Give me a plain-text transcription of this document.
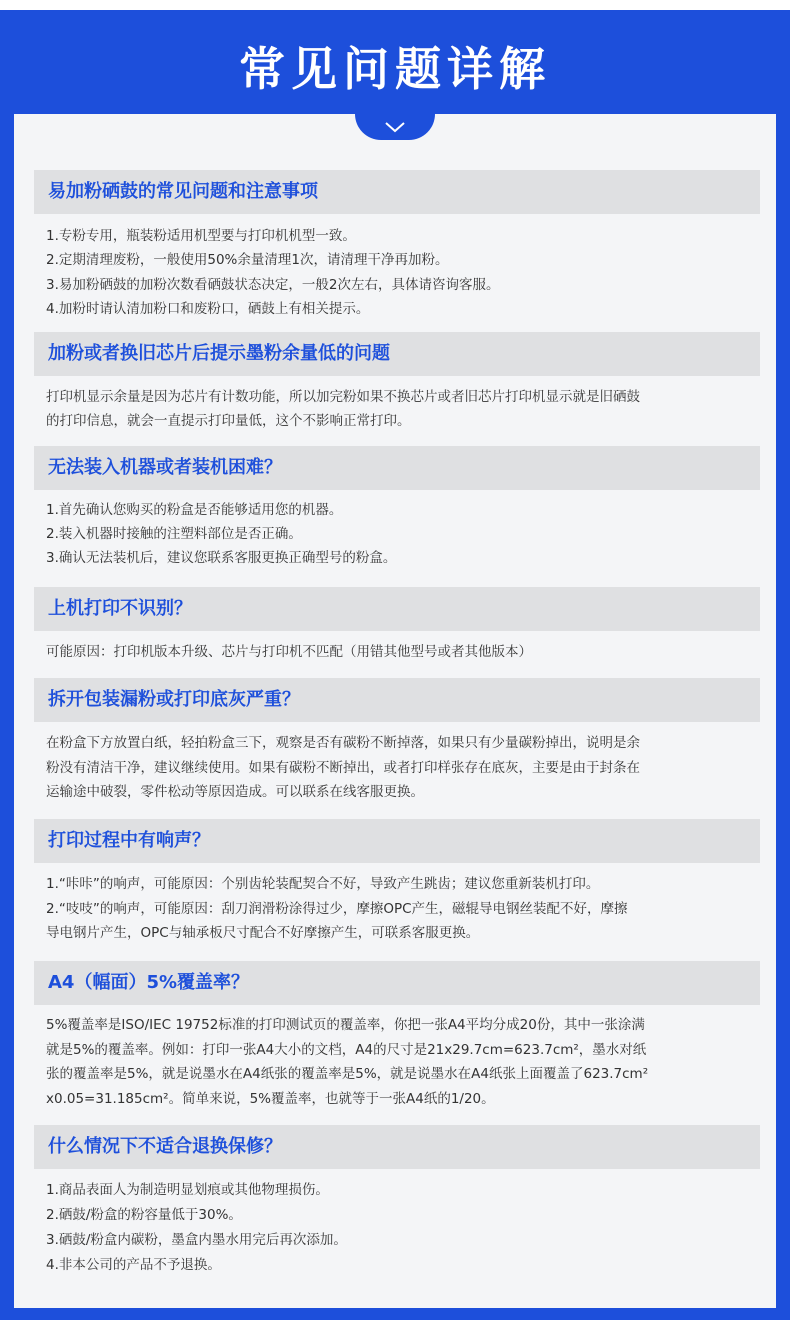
常见问题详解
易加粉硒鼓的常见问题和注意事项
1.专粉专用，瓶装粉适用机型要与打印机机型一致。
2.定期清理废粉，一般使用50%余量清理1次，请清理干净再加粉。
3.易加粉硒鼓的加粉次数看硒鼓状态决定，一般2次左右，具体请咨询客服。
4.加粉时请认清加粉口和废粉口，硒鼓上有相关提示。
加粉或者换旧芯片后提示墨粉余量低的问题
打印机显示余量是因为芯片有计数功能，所以加完粉如果不换芯片或者旧芯片打印机显示就是旧硒鼓
的打印信息，就会一直提示打印量低，这个不影响正常打印。
无法装入机器或者装机困难？
1.首先确认您购买的粉盒是否能够适用您的机器。
2.装入机器时接触的注塑料部位是否正确。
3.确认无法装机后，建议您联系客服更换正确型号的粉盒。
上机打印不识别？
可能原因：打印机版本升级、芯片与打印机不匹配（用错其他型号或者其他版本）
拆开包装漏粉或打印底灰严重？
在粉盒下方放置白纸，轻拍粉盒三下，观察是否有碳粉不断掉落，如果只有少量碳粉掉出，说明是余
粉没有清洁干净，建议继续使用。如果有碳粉不断掉出，或者打印样张存在底灰，主要是由于封条在
运输途中破裂，零件松动等原因造成。可以联系在线客服更换。
打印过程中有响声？
1.“咔咔”的响声，可能原因：个别齿轮装配契合不好，导致产生跳齿；建议您重新装机打印。
2.“吱吱”的响声，可能原因：刮刀润滑粉涂得过少，摩擦OPC产生，磁辊导电钢丝装配不好，摩擦
导电钢片产生，OPC与轴承板尺寸配合不好摩擦产生，可联系客服更换。
A4（幅面）5%覆盖率？
5%覆盖率是ISO/IEC 19752标准的打印测试页的覆盖率，你把一张A4平均分成20份，其中一张涂满
就是5%的覆盖率。例如：打印一张A4大小的文档，A4的尺寸是21x29.7cm=623.7cm²，墨水对纸
张的覆盖率是5%，就是说墨水在A4纸张的覆盖率是5%，就是说墨水在A4纸张上面覆盖了623.7cm²
x0.05=31.185cm²。简单来说，5%覆盖率，也就等于一张A4纸的1/20。
什么情况下不适合退换保修？
1.商品表面人为制造明显划痕或其他物理损伤。
2.硒鼓/粉盒的粉容量低于30%。
3.硒鼓/粉盒内碳粉，墨盒内墨水用完后再次添加。
4.非本公司的产品不予退换。
